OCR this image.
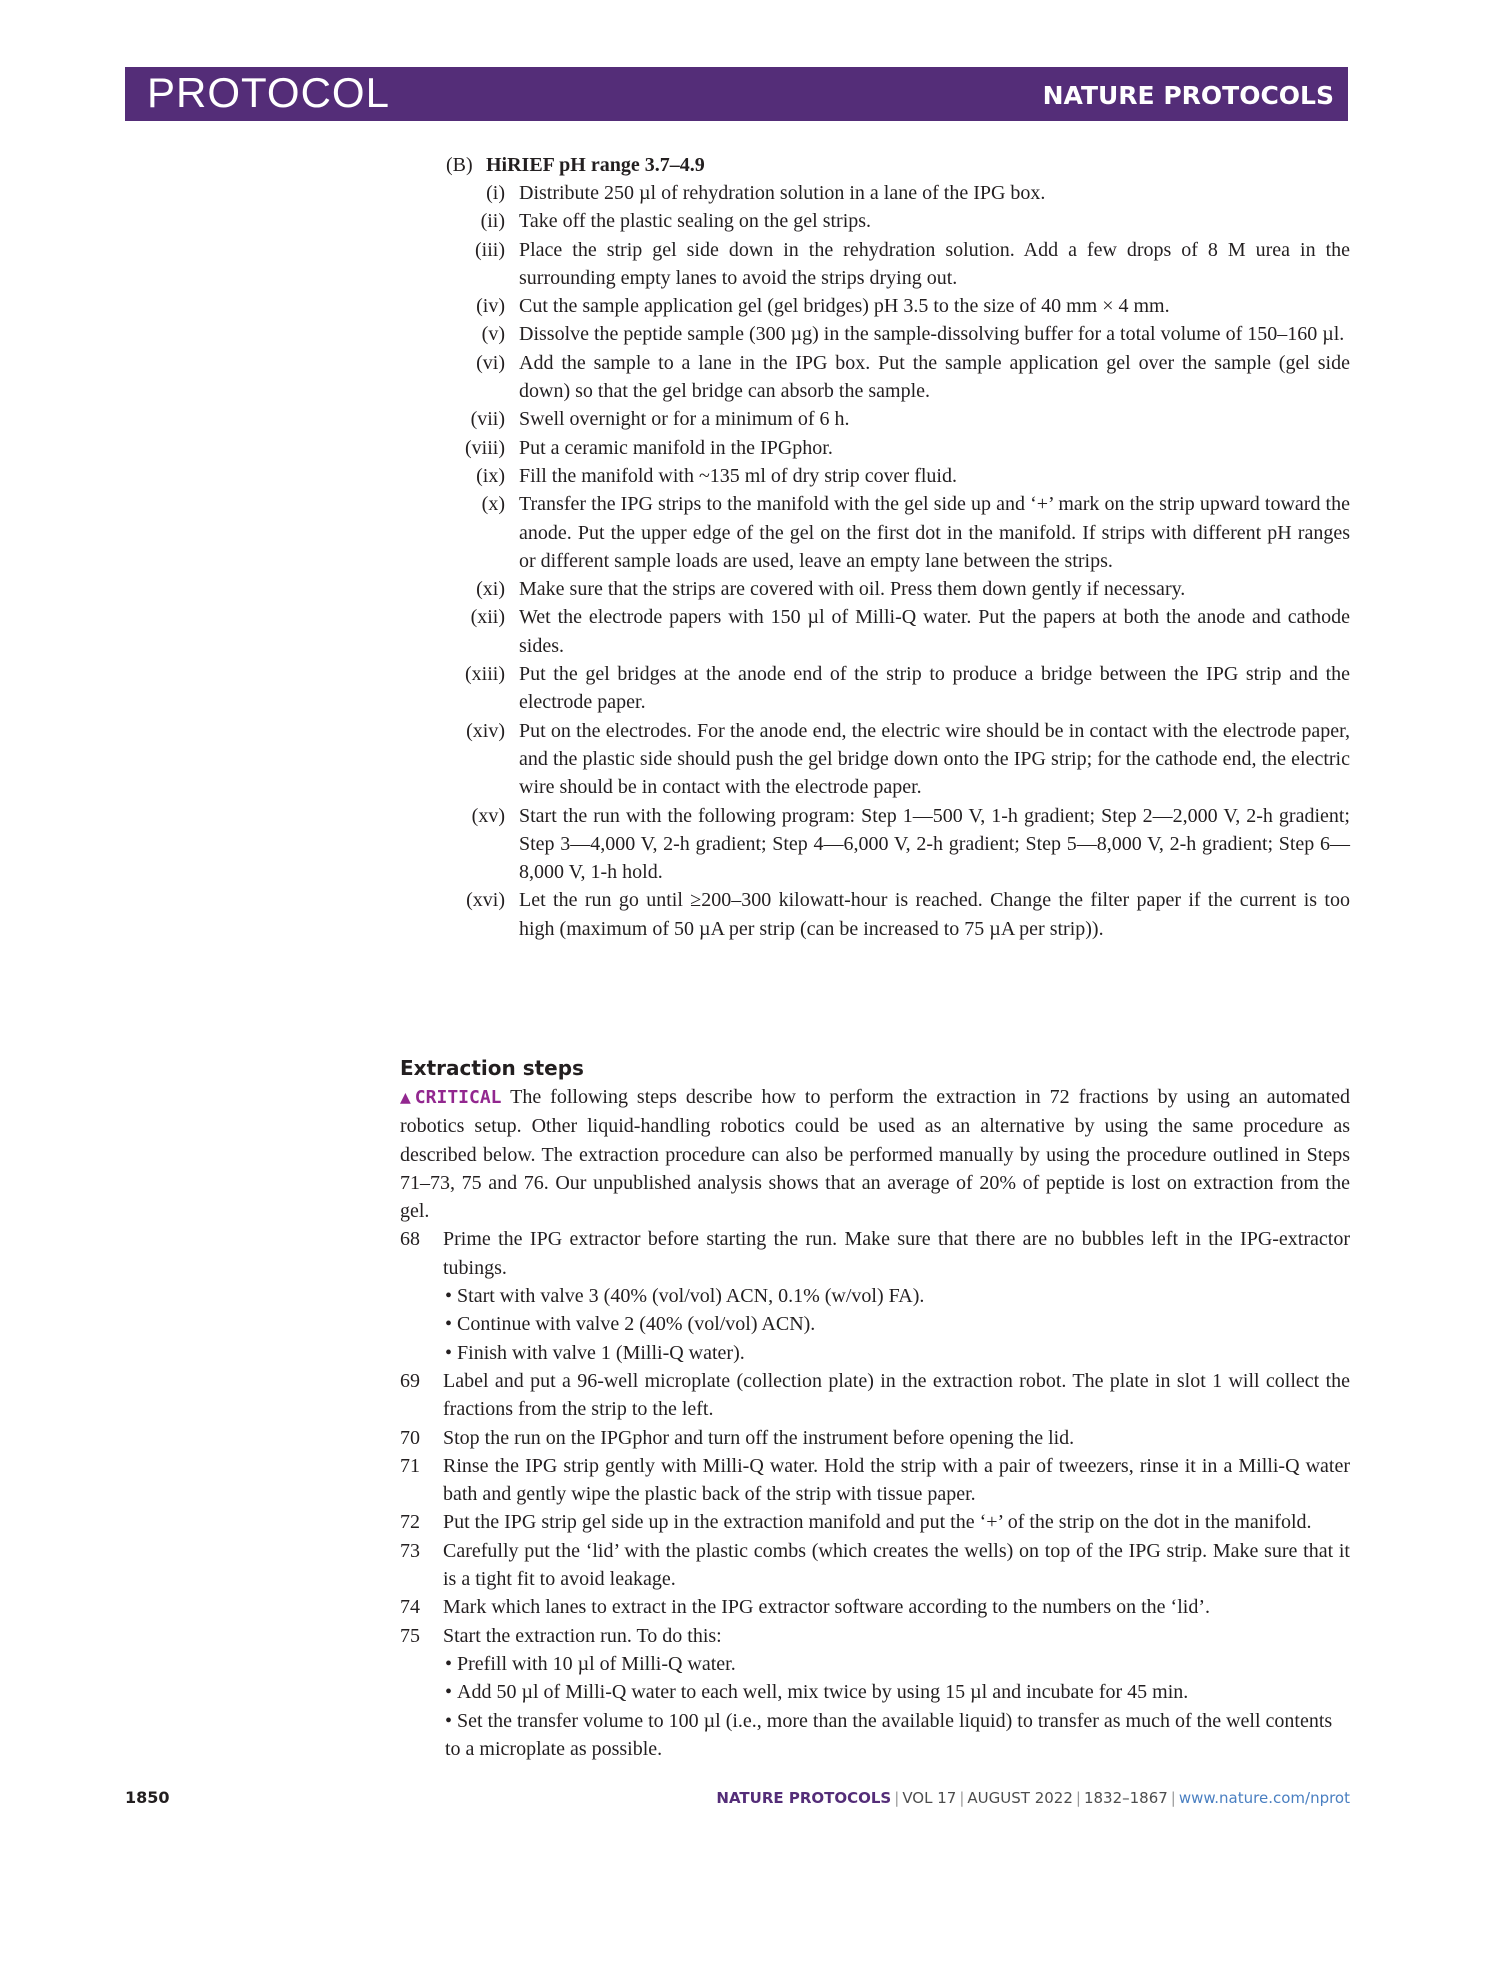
PROTOCOL	NATURE PROTOCOLS
(B) HiRIEF pH range 3.7–4.9
(i) Distribute 250 µl of rehydration solution in a lane of the IPG box.
(ii) Take off the plastic sealing on the gel strips.
(iii) Place the strip gel side down in the rehydration solution. Add a few drops of 8 M urea in the surrounding empty lanes to avoid the strips drying out.
(iv) Cut the sample application gel (gel bridges) pH 3.5 to the size of 40 mm × 4 mm.
(v) Dissolve the peptide sample (300 µg) in the sample-dissolving buffer for a total volume of 150–160 µl.
(vi) Add the sample to a lane in the IPG box. Put the sample application gel over the sample (gel side down) so that the gel bridge can absorb the sample.
(vii) Swell overnight or for a minimum of 6 h.
(viii) Put a ceramic manifold in the IPGphor.
(ix) Fill the manifold with ~135 ml of dry strip cover fluid.
(x) Transfer the IPG strips to the manifold with the gel side up and ‘+’ mark on the strip upward toward the anode. Put the upper edge of the gel on the first dot in the manifold. If strips with different pH ranges or different sample loads are used, leave an empty lane between the strips.
(xi) Make sure that the strips are covered with oil. Press them down gently if necessary.
(xii) Wet the electrode papers with 150 µl of Milli-Q water. Put the papers at both the anode and cathode sides.
(xiii) Put the gel bridges at the anode end of the strip to produce a bridge between the IPG strip and the electrode paper.
(xiv) Put on the electrodes. For the anode end, the electric wire should be in contact with the electrode paper, and the plastic side should push the gel bridge down onto the IPG strip; for the cathode end, the electric wire should be in contact with the electrode paper.
(xv) Start the run with the following program: Step 1—500 V, 1-h gradient; Step 2—2,000 V, 2-h gradient; Step 3—4,000 V, 2-h gradient; Step 4—6,000 V, 2-h gradient; Step 5—8,000 V, 2-h gradient; Step 6—8,000 V, 1-h hold.
(xvi) Let the run go until ≥200–300 kilowatt-hour is reached. Change the filter paper if the current is too high (maximum of 50 µA per strip (can be increased to 75 µA per strip)).
Extraction steps
▲CRITICAL The following steps describe how to perform the extraction in 72 fractions by using an automated robotics setup. Other liquid-handling robotics could be used as an alternative by using the same procedure as described below. The extraction procedure can also be performed manually by using the procedure outlined in Steps 71–73, 75 and 76. Our unpublished analysis shows that an average of 20% of peptide is lost on extraction from the gel.
68 Prime the IPG extractor before starting the run. Make sure that there are no bubbles left in the IPG-extractor tubings.
• Start with valve 3 (40% (vol/vol) ACN, 0.1% (w/vol) FA).
• Continue with valve 2 (40% (vol/vol) ACN).
• Finish with valve 1 (Milli-Q water).
69 Label and put a 96-well microplate (collection plate) in the extraction robot. The plate in slot 1 will collect the fractions from the strip to the left.
70 Stop the run on the IPGphor and turn off the instrument before opening the lid.
71 Rinse the IPG strip gently with Milli-Q water. Hold the strip with a pair of tweezers, rinse it in a Milli-Q water bath and gently wipe the plastic back of the strip with tissue paper.
72 Put the IPG strip gel side up in the extraction manifold and put the ‘+’ of the strip on the dot in the manifold.
73 Carefully put the ‘lid’ with the plastic combs (which creates the wells) on top of the IPG strip. Make sure that it is a tight fit to avoid leakage.
74 Mark which lanes to extract in the IPG extractor software according to the numbers on the ‘lid’.
75 Start the extraction run. To do this:
• Prefill with 10 µl of Milli-Q water.
• Add 50 µl of Milli-Q water to each well, mix twice by using 15 µl and incubate for 45 min.
• Set the transfer volume to 100 µl (i.e., more than the available liquid) to transfer as much of the well contents to a microplate as possible.
1850	NATURE PROTOCOLS | VOL 17 | AUGUST 2022 | 1832–1867 | www.nature.com/nprot
